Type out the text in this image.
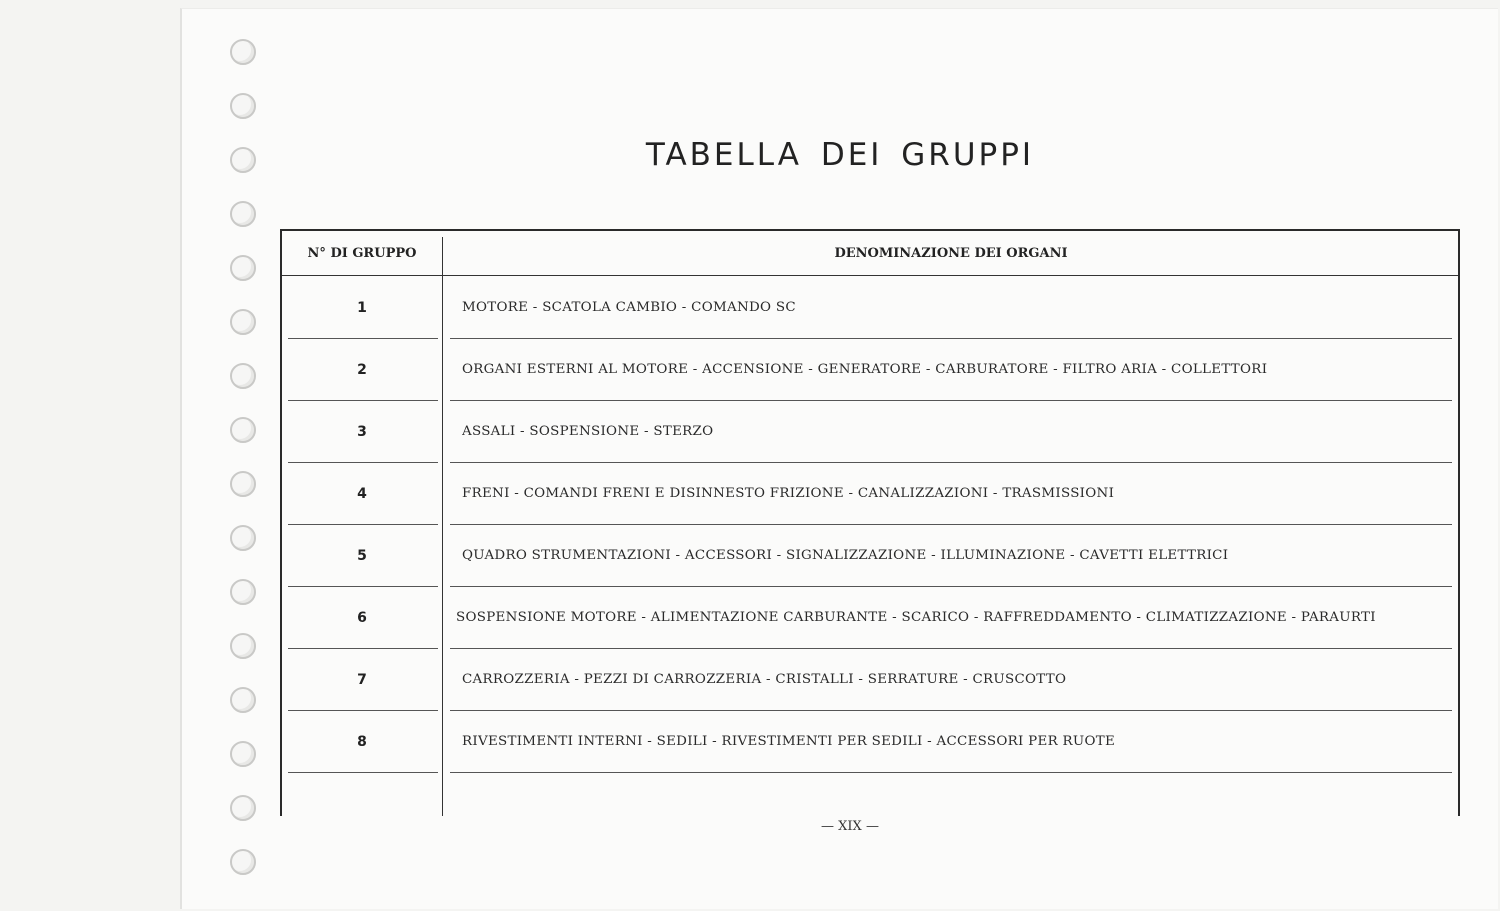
TABELLA DEI GRUPPI
N° DI GRUPPO	DENOMINAZIONE DEI ORGANI
1	MOTORE - SCATOLA CAMBIO - COMANDO SC
2	ORGANI ESTERNI AL MOTORE - ACCENSIONE - GENERATORE - CARBURATORE - FILTRO ARIA - COLLETTORI
3	ASSALI - SOSPENSIONE - STERZO
4	FRENI - COMANDI FRENI E DISINNESTO FRIZIONE - CANALIZZAZIONI - TRASMISSIONI
5	QUADRO STRUMENTAZIONI - ACCESSORI - SIGNALIZZAZIONE - ILLUMINAZIONE - CAVETTI ELETTRICI
6	SOSPENSIONE MOTORE - ALIMENTAZIONE CARBURANTE - SCARICO - RAFFREDDAMENTO - CLIMATIZZAZIONE - PARAURTI
7	CARROZZERIA - PEZZI DI CARROZZERIA - CRISTALLI - SERRATURE - CRUSCOTTO
8	RIVESTIMENTI INTERNI - SEDILI - RIVESTIMENTI PER SEDILI - ACCESSORI PER RUOTE
— XIX —
